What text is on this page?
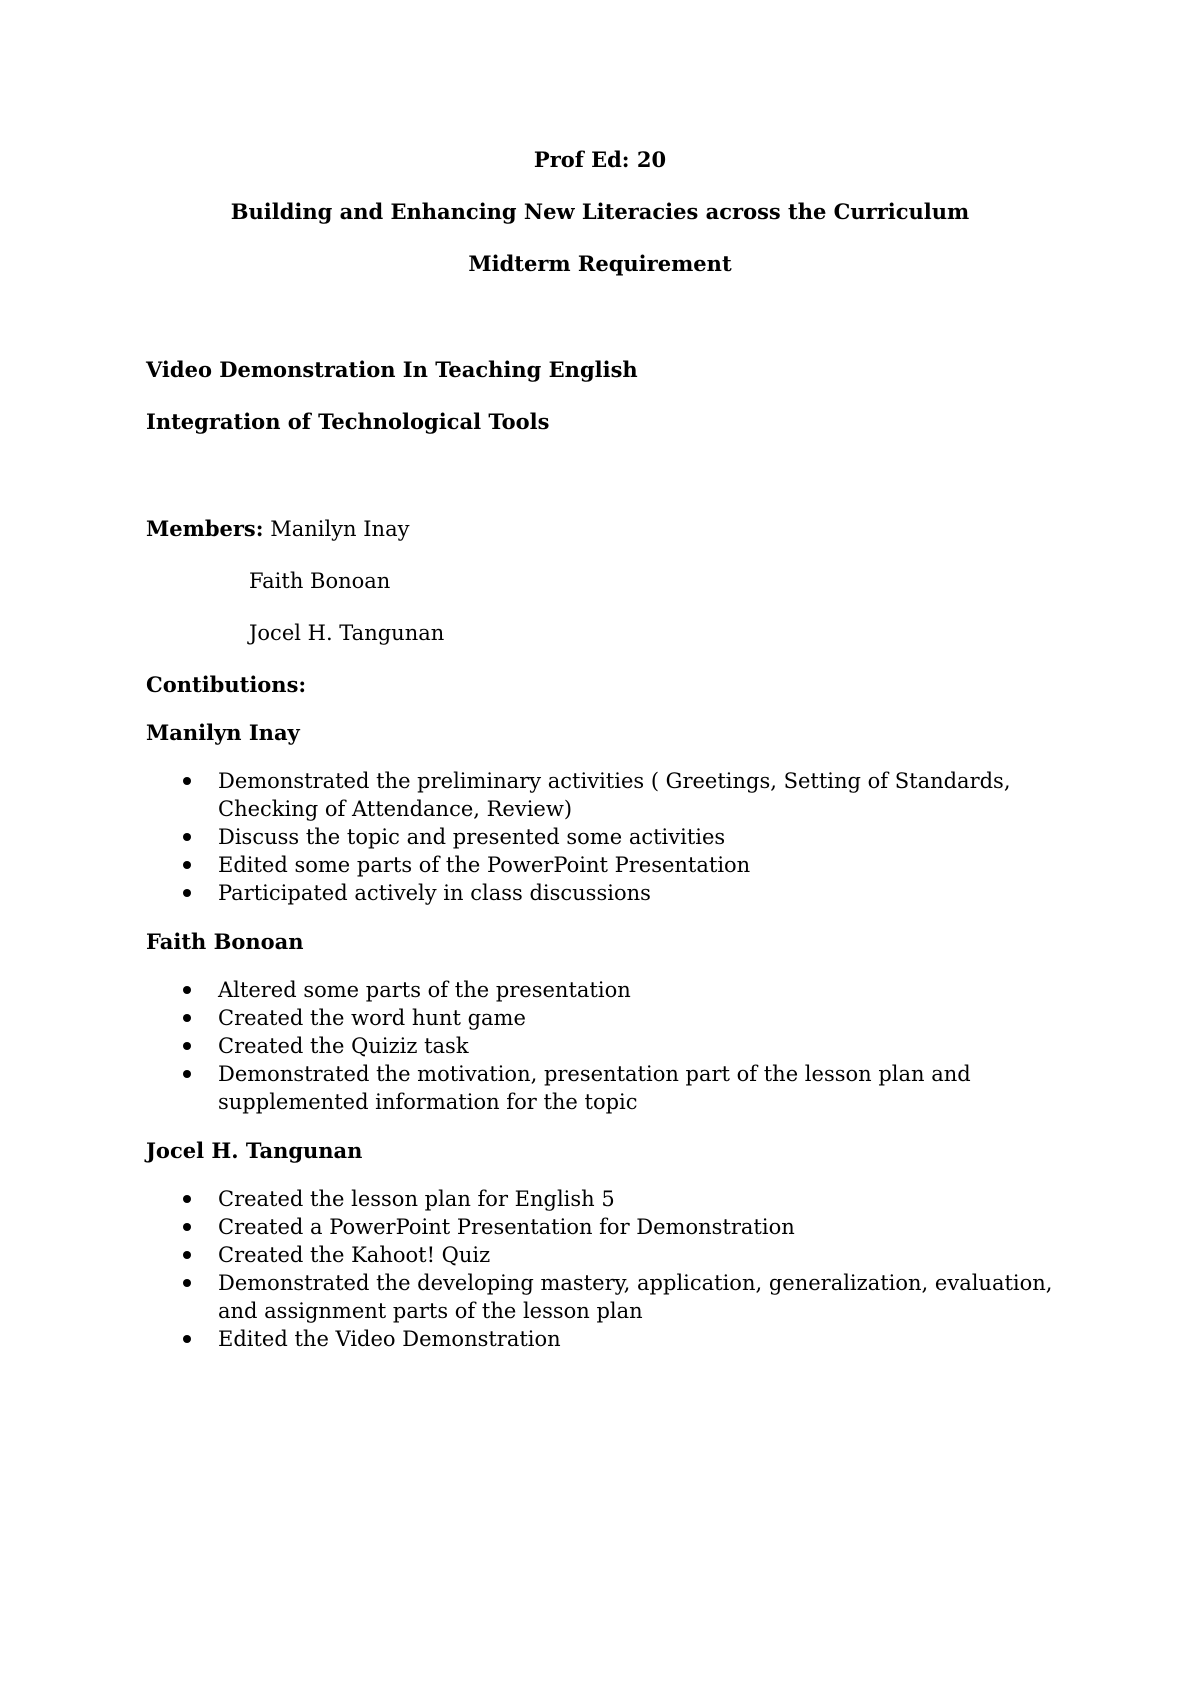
Prof Ed: 20
Building and Enhancing New Literacies across the Curriculum
Midterm Requirement
Video Demonstration In Teaching English
Integration of Technological Tools
Members: Manilyn Inay
Faith Bonoan
Jocel H. Tangunan
Contibutions:
Manilyn Inay
Demonstrated the preliminary activities ( Greetings, Setting of Standards, Checking of Attendance, Review)
Discuss the topic and presented some activities
Edited some parts of the PowerPoint Presentation
Participated actively in class discussions
Faith Bonoan
Altered some parts of the presentation
Created the word hunt game
Created the Quiziz task
Demonstrated the motivation, presentation part of the lesson plan and supplemented information for the topic
Jocel H. Tangunan
Created the lesson plan for English 5
Created a PowerPoint Presentation for Demonstration
Created the Kahoot! Quiz
Demonstrated the developing mastery, application, generalization, evaluation, and assignment parts of the lesson plan
Edited the Video Demonstration
